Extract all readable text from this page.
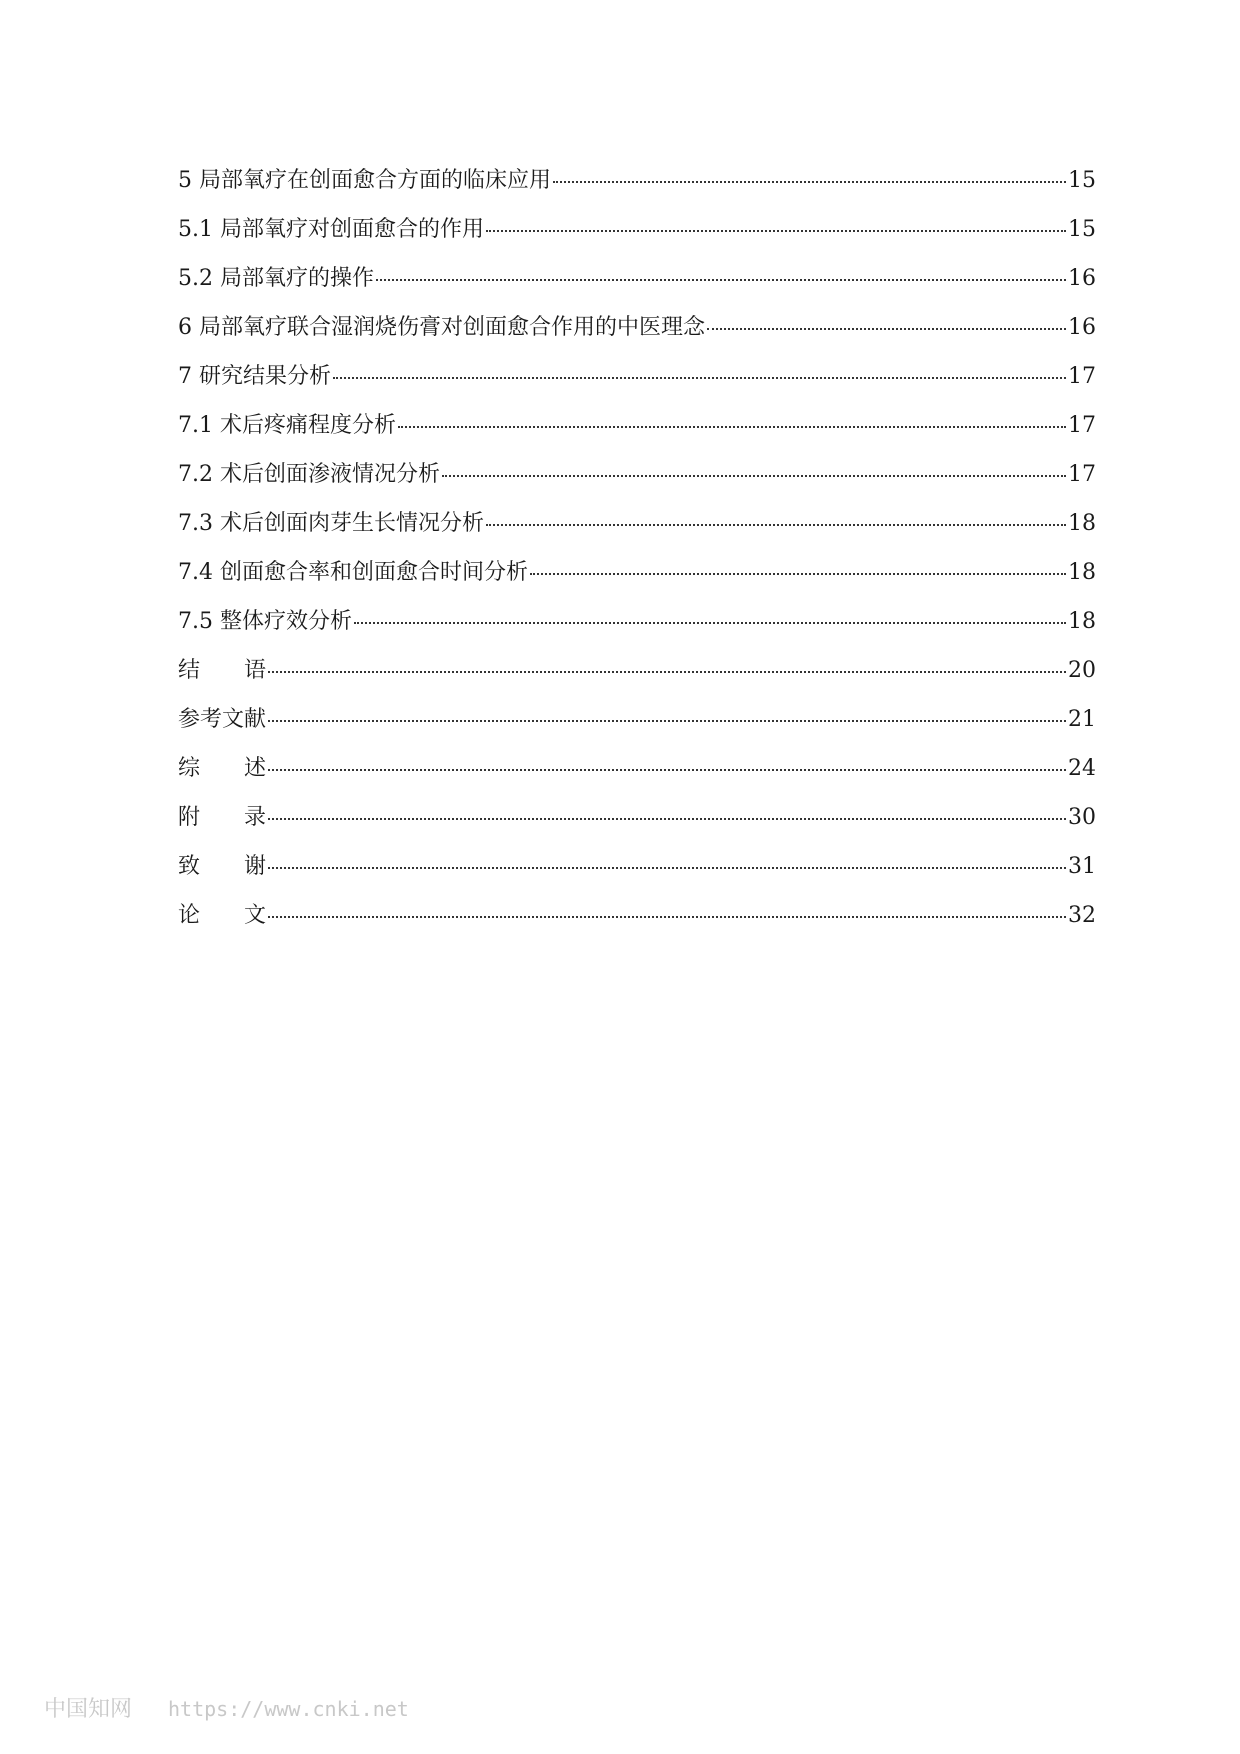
5 局部氧疗在创面愈合方面的临床应用	15
5.1 局部氧疗对创面愈合的作用	15
5.2 局部氧疗的操作	16
6 局部氧疗联合湿润烧伤膏对创面愈合作用的中医理念	16
7 研究结果分析	17
7.1 术后疼痛程度分析	17
7.2 术后创面渗液情况分析	17
7.3 术后创面肉芽生长情况分析	18
7.4 创面愈合率和创面愈合时间分析	18
7.5 整体疗效分析	18
结　　语	20
参考文献	21
综　　述	24
附　　录	30
致　　谢	31
论　　文	32
中国知网 https://www.cnki.net
